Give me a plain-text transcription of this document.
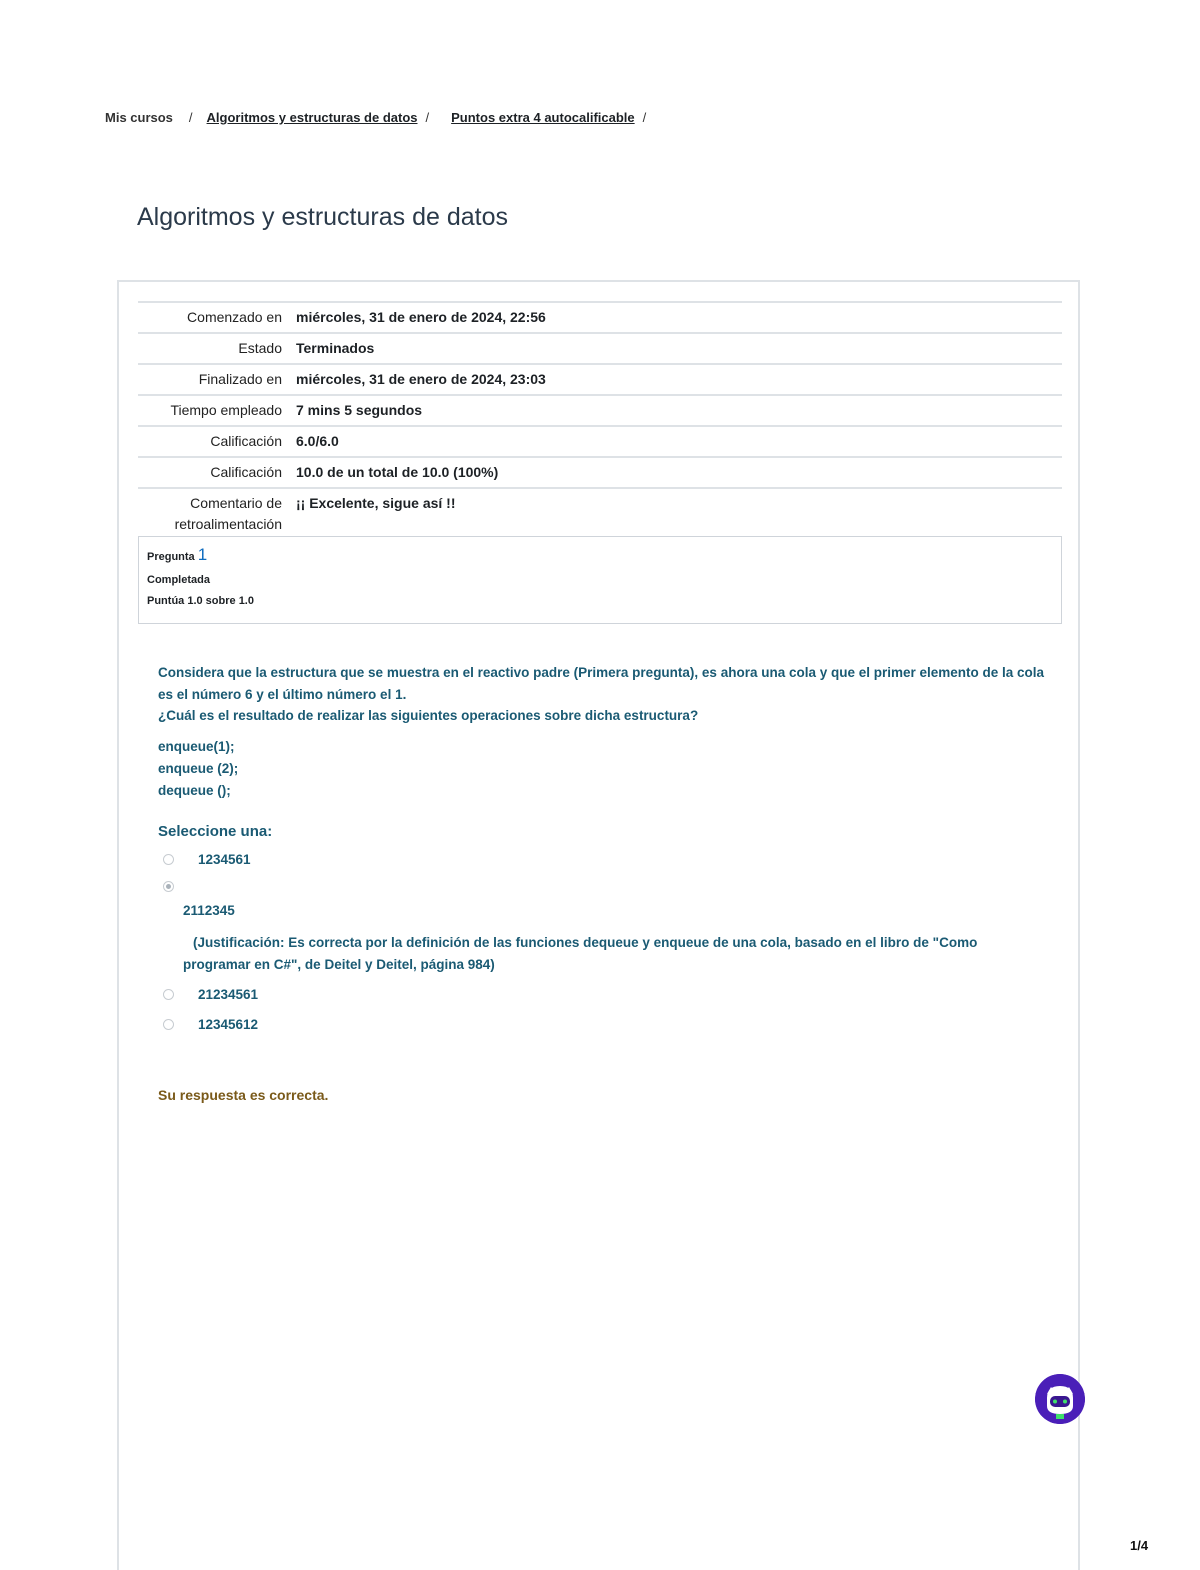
Mis cursos / Algoritmos y estructuras de datos / Puntos extra 4 autocalificable /
Algoritmos y estructuras de datos
Comenzado en	miércoles, 31 de enero de 2024, 22:56
Estado	Terminados
Finalizado en	miércoles, 31 de enero de 2024, 23:03
Tiempo empleado	7 mins 5 segundos
Calificación	6.0/6.0
Calificación	10.0 de un total de 10.0 (100%)
Comentario de retroalimentación	¡¡ Excelente, sigue así !!
Pregunta 1
Completada
Puntúa 1.0 sobre 1.0

Considera que la estructura que se muestra en el reactivo padre (Primera pregunta), es ahora una cola y que el primer elemento de la cola es el número 6 y el último número el 1.

¿Cuál es el resultado de realizar las siguientes operaciones sobre dicha estructura?

enqueue(1);
enqueue (2);
dequeue ();
Seleccione una:
1234561
2112345
(Justificación: Es correcta por la definición de las funciones dequeue y enqueue de una cola, basado en el libro de "Como programar en C#", de Deitel y Deitel, página 984)
21234561
12345612
Su respuesta es correcta.
1/4
